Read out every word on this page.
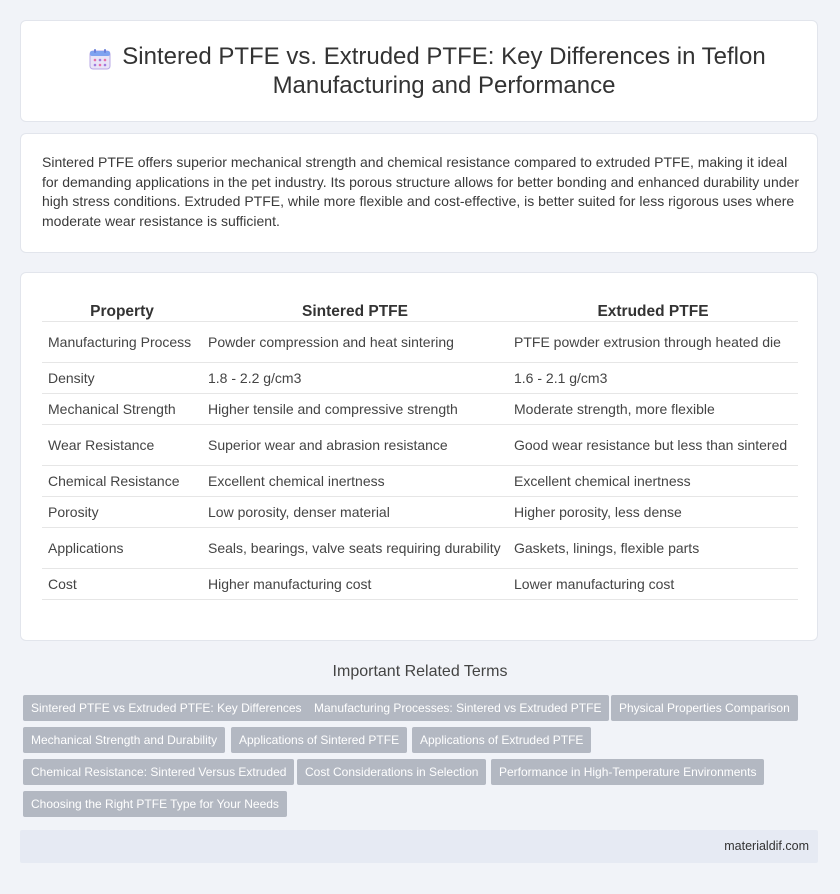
Sintered PTFE vs. Extruded PTFE: Key Differences in Teflon Manufacturing and Performance

Sintered PTFE offers superior mechanical strength and chemical resistance compared to extruded PTFE, making it ideal for demanding applications in the pet industry. Its porous structure allows for better bonding and enhanced durability under high stress conditions. Extruded PTFE, while more flexible and cost-effective, is better suited for less rigorous uses where moderate wear resistance is sufficient.

Property	Sintered PTFE	Extruded PTFE
Manufacturing Process	Powder compression and heat sintering	PTFE powder extrusion through heated die
Density	1.8 - 2.2 g/cm3	1.6 - 2.1 g/cm3
Mechanical Strength	Higher tensile and compressive strength	Moderate strength, more flexible
Wear Resistance	Superior wear and abrasion resistance	Good wear resistance but less than sintered
Chemical Resistance	Excellent chemical inertness	Excellent chemical inertness
Porosity	Low porosity, denser material	Higher porosity, less dense
Applications	Seals, bearings, valve seats requiring durability	Gaskets, linings, flexible parts
Cost	Higher manufacturing cost	Lower manufacturing cost
Important Related Terms
Sintered PTFE vs Extruded PTFE: Key Differences	Manufacturing Processes: Sintered vs Extruded PTFE	Physical Properties Comparison
Mechanical Strength and Durability	Applications of Sintered PTFE	Applications of Extruded PTFE
Chemical Resistance: Sintered Versus Extruded	Cost Considerations in Selection	Performance in High-Temperature Environments
Choosing the Right PTFE Type for Your Needs
materialdif.com
